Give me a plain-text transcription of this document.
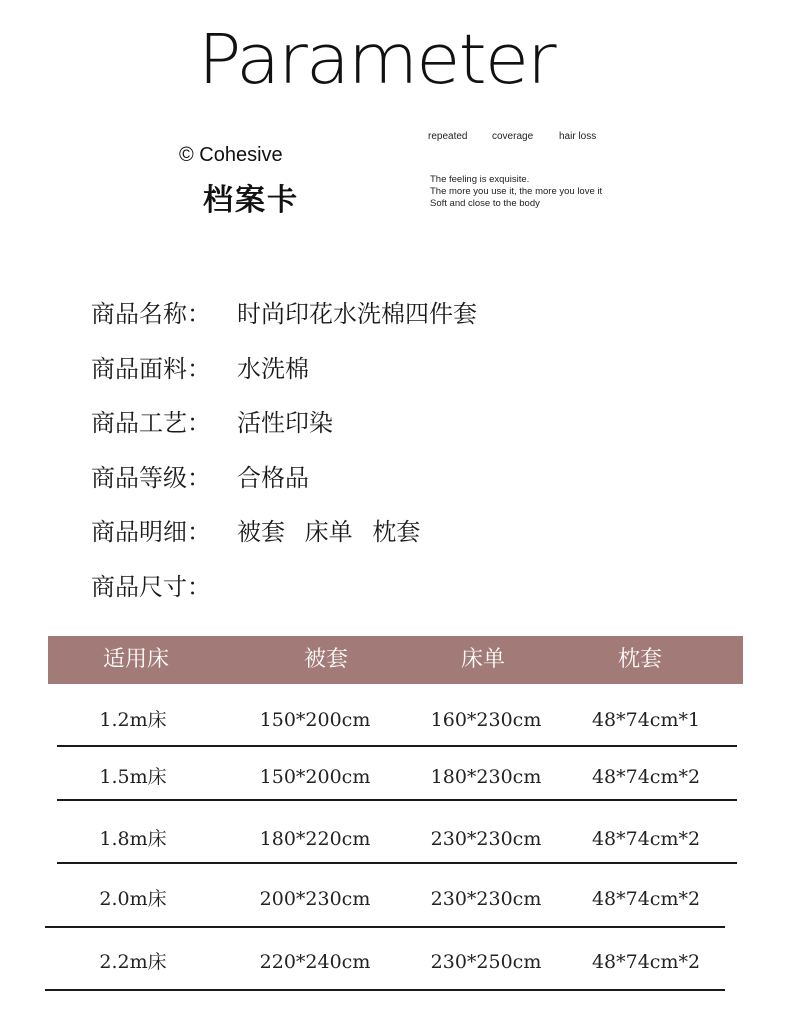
Parameter
© Cohesive
档案卡
repeated coverage	hair loss
The feeling is exquisite.
The more you use it, the more you love it
Soft and close to the body
商品名称： 时尚印花水洗棉四件套
商品面料： 水洗棉
商品工艺： 活性印染
商品等级： 合格品
商品明细： 被套 床单 枕套
商品尺寸：
适用床	被套	床单	枕套
1.2m床	150*200cm	160*230cm	48*74cm*1
1.5m床	150*200cm	180*230cm	48*74cm*2
1.8m床	180*220cm	230*230cm	48*74cm*2
2.0m床	200*230cm	230*230cm	48*74cm*2
2.2m床	220*240cm	230*250cm	48*74cm*2
